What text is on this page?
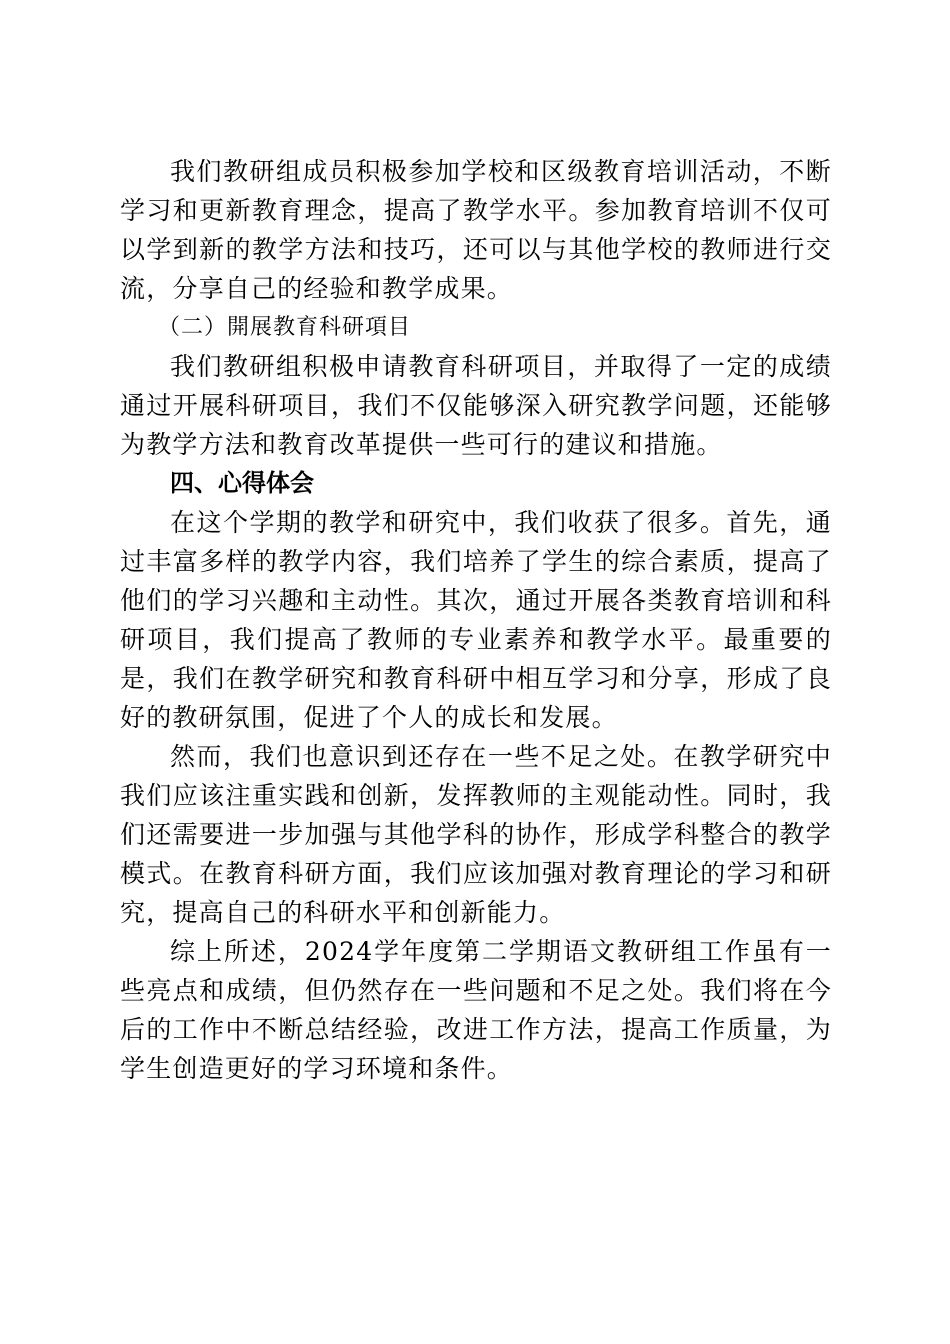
我们教研组成员积极参加学校和区级教育培训活动，不断学习和更新教育理念，提高了教学水平。参加教育培训不仅可以学到新的教学方法和技巧，还可以与其他学校的教师进行交流，分享自己的经验和教学成果。

（二）開展教育科研項目

我们教研组积极申请教育科研项目，并取得了一定的成绩通过开展科研项目，我们不仅能够深入研究教学问题，还能够为教学方法和教育改革提供一些可行的建议和措施。

四、心得体会

在这个学期的教学和研究中，我们收获了很多。首先，通过丰富多样的教学内容，我们培养了学生的综合素质，提高了他们的学习兴趣和主动性。其次，通过开展各类教育培训和科研项目，我们提高了教师的专业素养和教学水平。最重要的是，我们在教学研究和教育科研中相互学习和分享，形成了良好的教研氛围，促进了个人的成长和发展。

然而，我们也意识到还存在一些不足之处。在教学研究中我们应该注重实践和创新，发挥教师的主观能动性。同时，我们还需要进一步加强与其他学科的协作，形成学科整合的教学模式。在教育科研方面，我们应该加强对教育理论的学习和研究，提高自己的科研水平和创新能力。

综上所述，2024学年度第二学期语文教研组工作虽有一些亮点和成绩，但仍然存在一些问题和不足之处。我们将在今后的工作中不断总结经验，改进工作方法，提高工作质量，为学生创造更好的学习环境和条件。
